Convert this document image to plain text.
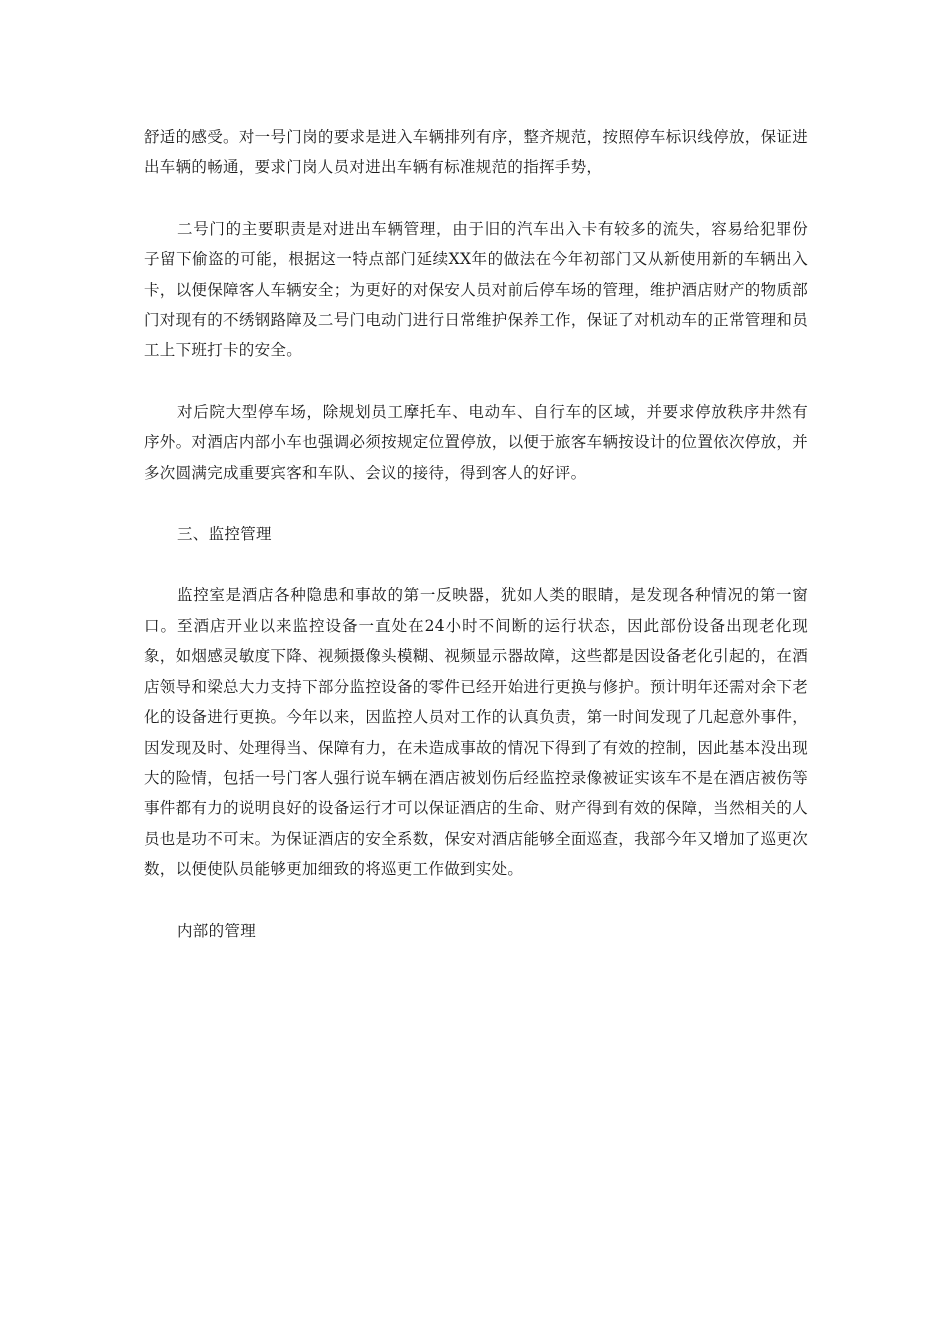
舒适的感受。对一号门岗的要求是进入车辆排列有序，整齐规范，按照停车标识线停放，保证进出车辆的畅通，要求门岗人员对进出车辆有标准规范的指挥手势，

二号门的主要职责是对进出车辆管理，由于旧的汽车出入卡有较多的流失，容易给犯罪份子留下偷盗的可能，根据这一特点部门延续XX年的做法在今年初部门又从新使用新的车辆出入卡，以便保障客人车辆安全；为更好的对保安人员对前后停车场的管理，维护酒店财产的物质部门对现有的不绣钢路障及二号门电动门进行日常维护保养工作，保证了对机动车的正常管理和员工上下班打卡的安全。

对后院大型停车场，除规划员工摩托车、电动车、自行车的区域，并要求停放秩序井然有序外。对酒店内部小车也强调必须按规定位置停放，以便于旅客车辆按设计的位置依次停放，并多次圆满完成重要宾客和车队、会议的接待，得到客人的好评。

三、监控管理

监控室是酒店各种隐患和事故的第一反映器，犹如人类的眼睛，是发现各种情况的第一窗口。至酒店开业以来监控设备一直处在24小时不间断的运行状态，因此部份设备出现老化现象，如烟感灵敏度下降、视频摄像头模糊、视频显示器故障，这些都是因设备老化引起的，在酒店领导和梁总大力支持下部分监控设备的零件已经开始进行更换与修护。预计明年还需对余下老化的设备进行更换。今年以来，因监控人员对工作的认真负责，第一时间发现了几起意外事件，因发现及时、处理得当、保障有力，在未造成事故的情况下得到了有效的控制，因此基本没出现大的险情，包括一号门客人强行说车辆在酒店被划伤后经监控录像被证实该车不是在酒店被伤等事件都有力的说明良好的设备运行才可以保证酒店的生命、财产得到有效的保障，当然相关的人员也是功不可末。为保证酒店的安全系数，保安对酒店能够全面巡查，我部今年又增加了巡更次数，以便使队员能够更加细致的将巡更工作做到实处。

内部的管理
